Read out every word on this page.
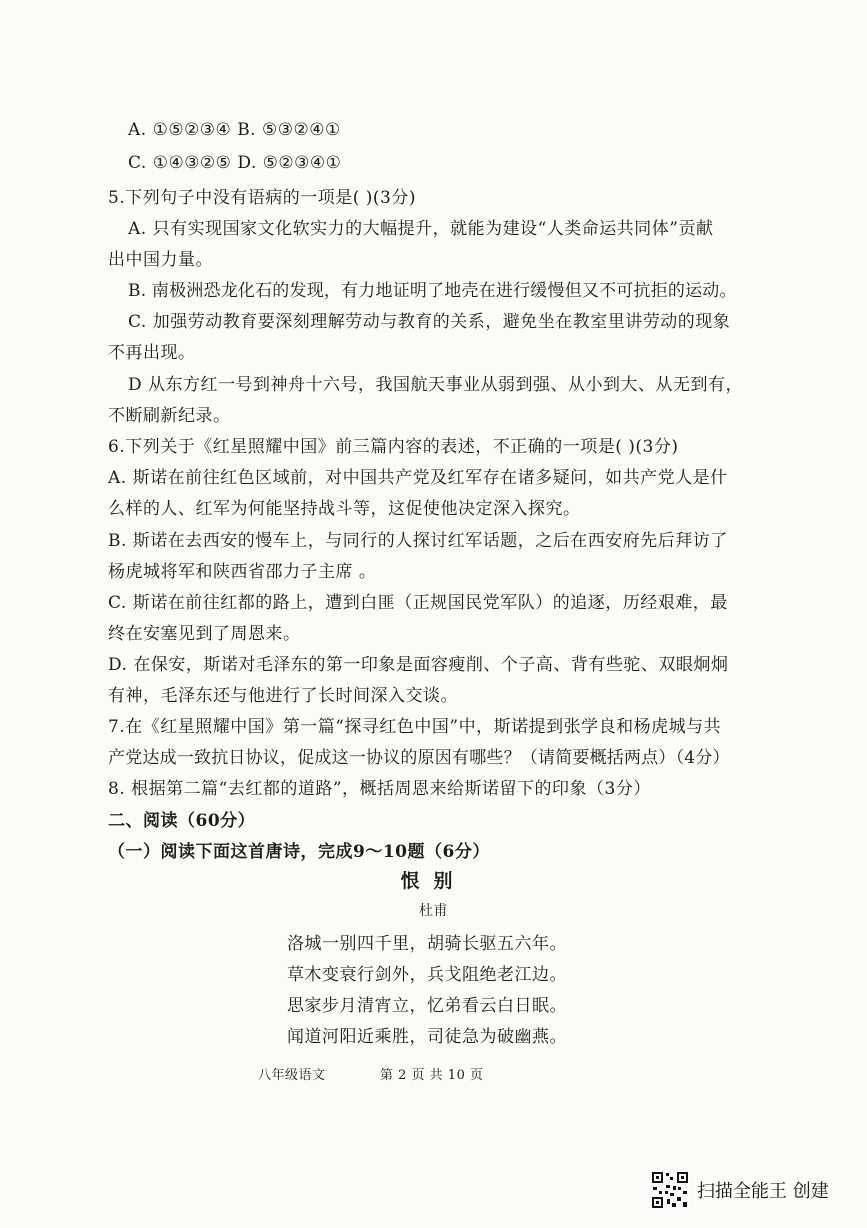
A. ①⑤②③④ B. ⑤③②④①
C. ①④③②⑤ D. ⑤②③④①
5.下列句子中没有语病的一项是( )(3分)
A. 只有实现国家文化软实力的大幅提升，就能为建设“人类命运共同体”贡献
出中国力量。
B. 南极洲恐龙化石的发现，有力地证明了地壳在进行缓慢但又不可抗拒的运动。
C. 加强劳动教育要深刻理解劳动与教育的关系，避免坐在教室里讲劳动的现象
不再出现。
D 从东方红一号到神舟十六号，我国航天事业从弱到强、从小到大、从无到有，
不断刷新纪录。
6.下列关于《红星照耀中国》前三篇内容的表述，不正确的一项是( )(3分)
A. 斯诺在前往红色区域前，对中国共产党及红军存在诸多疑问，如共产党人是什
么样的人、红军为何能坚持战斗等，这促使他决定深入探究。
B. 斯诺在去西安的慢车上，与同行的人探讨红军话题，之后在西安府先后拜访了
杨虎城将军和陕西省邵力子主席 。
C. 斯诺在前往红都的路上，遭到白匪（正规国民党军队）的追逐，历经艰难，最
终在安塞见到了周恩来。
D. 在保安，斯诺对毛泽东的第一印象是面容瘦削、个子高、背有些驼、双眼炯炯
有神，毛泽东还与他进行了长时间深入交谈。
7.在《红星照耀中国》第一篇“探寻红色中国”中，斯诺提到张学良和杨虎城与共
产党达成一致抗日协议，促成这一协议的原因有哪些？（请简要概括两点）（4分）
8. 根据第二篇“去红都的道路”，概括周恩来给斯诺留下的印象（3分）
二、阅读（60分）
（一）阅读下面这首唐诗，完成9～10题（6分）
恨别
杜甫
洛城一别四千里，胡骑长驱五六年。
草木变衰行剑外，兵戈阻绝老江边。
思家步月清宵立，忆弟看云白日眠。
闻道河阳近乘胜，司徒急为破幽燕。
八年级语文	第 2 页 共 10 页
扫描全能王 创建
